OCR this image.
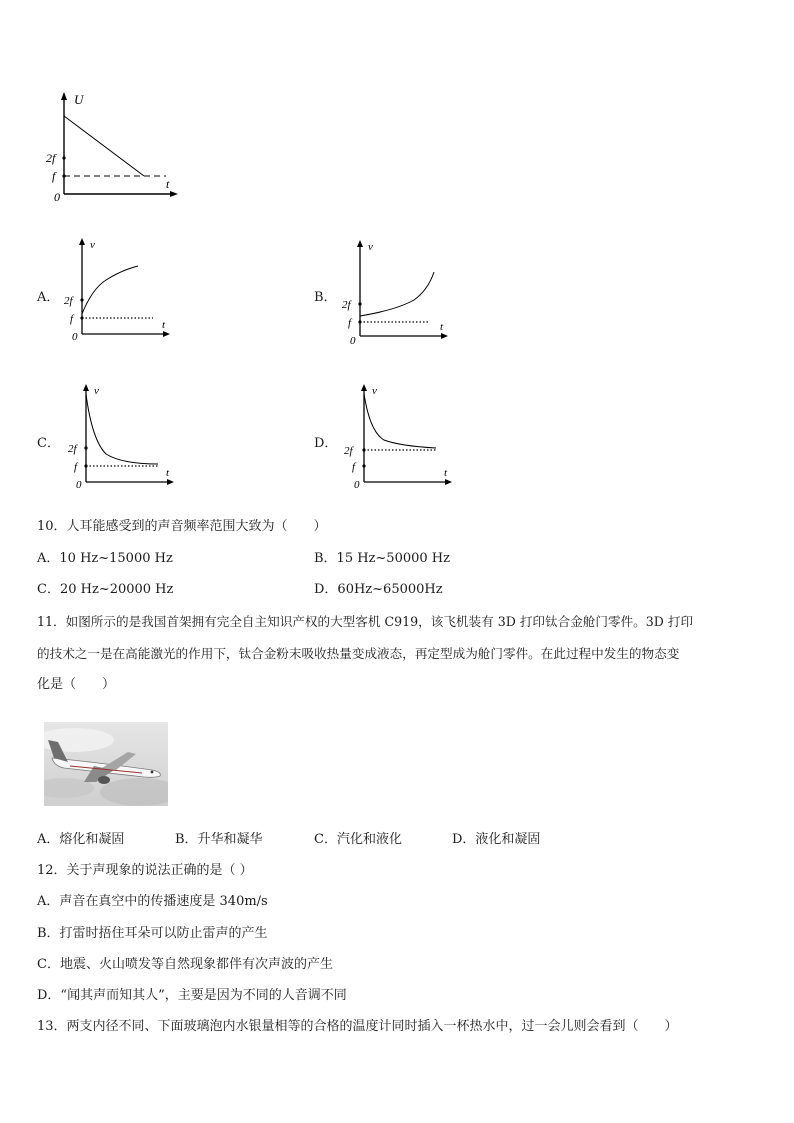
U
t
0
2f
f
A．
v
t
0
2f
f
B．
v
t
0
2f
f
C．
v
t
0
2f
f
D．
v
t
0
2f
f
10．人耳能感受到的声音频率范围大致为（　　）
A．10 Hz~15000 Hz	B．15 Hz~50000 Hz
C．20 Hz~20000 Hz	D．60Hz~65000Hz
11．如图所示的是我国首架拥有完全自主知识产权的大型客机 C919，该飞机装有 3D 打印钛合金舱门零件。3D 打印
的技术之一是在高能激光的作用下，钛合金粉末吸收热量变成液态，再定型成为舱门零件。在此过程中发生的物态变
化是（　　）
A．熔化和凝固	B．升华和凝华	C．汽化和液化	D．液化和凝固
12．关于声现象的说法正确的是（ ）
A．声音在真空中的传播速度是 340m/s
B．打雷时捂住耳朵可以防止雷声的产生
C．地震、火山喷发等自然现象都伴有次声波的产生
D．“闻其声而知其人”，主要是因为不同的人音调不同
13．两支内径不同、下面玻璃泡内水银量相等的合格的温度计同时插入一杯热水中，过一会儿则会看到（　　）
